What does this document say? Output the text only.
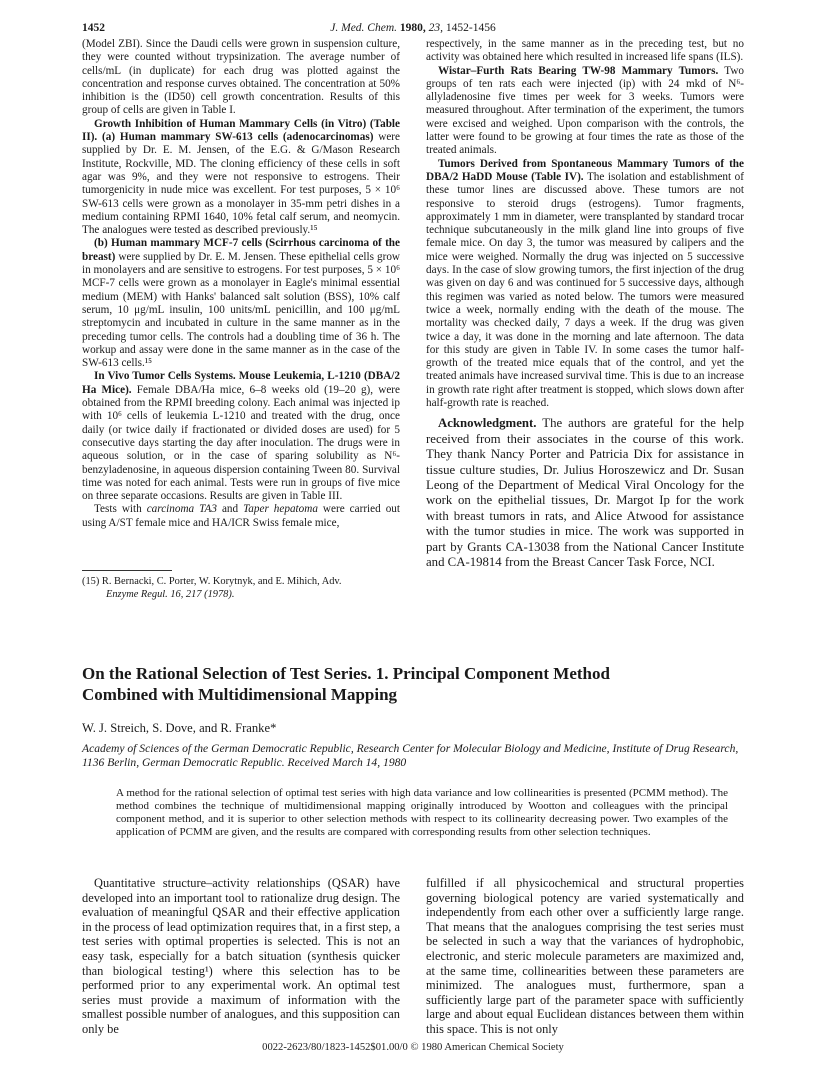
1452	J. Med. Chem. 1980, 23, 1452-1456

(Model ZBI). Since the Daudi cells were grown in suspension culture, they were counted without trypsinization. The average number of cells/mL (in duplicate) for each drug was plotted against the concentration and response curves obtained. The concentration at 50% inhibition is the (ID50) cell growth concentration. Results of this group of cells are given in Table I.

Growth Inhibition of Human Mammary Cells (in Vitro) (Table II). (a) Human mammary SW-613 cells (adenocarcinomas) were supplied by Dr. E. M. Jensen, of the E.G. & G/Mason Research Institute, Rockville, MD. The cloning efficiency of these cells in soft agar was 9%, and they were not responsive to estrogens. Their tumorgenicity in nude mice was excellent. For test purposes, 5 × 10⁶ SW-613 cells were grown as a monolayer in 35-mm petri dishes in a medium containing RPMI 1640, 10% fetal calf serum, and neomycin. The analogues were tested as described previously.¹⁵

(b) Human mammary MCF-7 cells (Scirrhous carcinoma of the breast) were supplied by Dr. E. M. Jensen. These epithelial cells grow in monolayers and are sensitive to estrogens. For test purposes, 5 × 10⁶ MCF-7 cells were grown as a monolayer in Eagle's minimal essential medium (MEM) with Hanks' balanced salt solution (BSS), 10% calf serum, 10 μg/mL insulin, 100 units/mL penicillin, and 100 μg/mL streptomycin and incubated in culture in the same manner as in the preceding tumor cells. The controls had a doubling time of 36 h. The workup and assay were done in the same manner as in the case of the SW-613 cells.¹⁵

In Vivo Tumor Cells Systems. Mouse Leukemia, L-1210 (DBA/2 Ha Mice). Female DBA/Ha mice, 6–8 weeks old (19–20 g), were obtained from the RPMI breeding colony. Each animal was injected ip with 10⁶ cells of leukemia L-1210 and treated with the drug, once daily (or twice daily if fractionated or divided doses are used) for 5 consecutive days starting the day after inoculation. The drugs were in aqueous solution, or in the case of sparing solubility as N⁶-benzyladenosine, in aqueous dispersion containing Tween 80. Survival time was noted for each animal. Tests were run in groups of five mice on three separate occasions. Results are given in Table III.

Tests with carcinoma TA3 and Taper hepatoma were carried out using A/ST female mice and HA/ICR Swiss female mice,

(15) R. Bernacki, C. Porter, W. Korytnyk, and E. Mihich, Adv.
Enzyme Regul. 16, 217 (1978).

respectively, in the same manner as in the preceding test, but no activity was obtained here which resulted in increased life spans (ILS).

Wistar–Furth Rats Bearing TW-98 Mammary Tumors. Two groups of ten rats each were injected (ip) with 24 mkd of N⁶-allyladenosine five times per week for 3 weeks. Tumors were measured throughout. After termination of the experiment, the tumors were excised and weighed. Upon comparison with the controls, the latter were found to be growing at four times the rate as those of the treated animals.

Tumors Derived from Spontaneous Mammary Tumors of the DBA/2 HaDD Mouse (Table IV). The isolation and establishment of these tumor lines are discussed above. These tumors are not responsive to steroid drugs (estrogens). Tumor fragments, approximately 1 mm in diameter, were transplanted by standard trocar technique subcutaneously in the milk gland line into groups of five female mice. On day 3, the tumor was measured by calipers and the mice were weighed. Normally the drug was injected on 5 successive days. In the case of slow growing tumors, the first injection of the drug was given on day 6 and was continued for 5 successive days, although this regimen was varied as noted below. The tumors were measured twice a week, normally ending with the death of the mouse. The mortality was checked daily, 7 days a week. If the drug was given twice a day, it was done in the morning and late afternoon. The data for this study are given in Table IV. In some cases the tumor half-growth of the treated mice equals that of the control, and yet the treated animals have increased survival time. This is due to an increase in growth rate right after treatment is stopped, which slows down after half-growth rate is reached.

Acknowledgment. The authors are grateful for the help received from their associates in the course of this work. They thank Nancy Porter and Patricia Dix for assistance in tissue culture studies, Dr. Julius Horoszewicz and Dr. Susan Leong of the Department of Medical Viral Oncology for the work on the epithelial tissues, Dr. Margot Ip for the work with breast tumors in rats, and Alice Atwood for assistance with the tumor studies in mice. The work was supported in part by Grants CA-13038 from the National Cancer Institute and CA-19814 from the Breast Cancer Task Force, NCI.

On the Rational Selection of Test Series. 1. Principal Component Method
Combined with Multidimensional Mapping
W. J. Streich, S. Dove, and R. Franke*
Academy of Sciences of the German Democratic Republic, Research Center for Molecular Biology and Medicine, Institute of Drug Research, 1136 Berlin, German Democratic Republic. Received March 14, 1980
A method for the rational selection of optimal test series with high data variance and low collinearities is presented (PCMM method). The method combines the technique of multidimensional mapping originally introduced by Wootton and colleagues with the principal component method, and it is superior to other selection methods with respect to its collinearity decreasing power. Two examples of the application of PCMM are given, and the results are compared with corresponding results from other selection techniques.

Quantitative structure–activity relationships (QSAR) have developed into an important tool to rationalize drug design. The evaluation of meaningful QSAR and their effective application in the process of lead optimization requires that, in a first step, a test series with optimal properties is selected. This is not an easy task, especially for a batch situation (synthesis quicker than biological testing¹) where this selection has to be performed prior to any experimental work. An optimal test series must provide a maximum of information with the smallest possible number of analogues, and this supposition can only be

fulfilled if all physicochemical and structural properties governing biological potency are varied systematically and independently from each other over a sufficiently large range. That means that the analogues comprising the test series must be selected in such a way that the variances of hydrophobic, electronic, and steric molecule parameters are maximized and, at the same time, collinearities between these parameters are minimized. The analogues must, furthermore, span a sufficiently large part of the parameter space with sufficiently large and about equal Euclidean distances between them within this space. This is not only

0022-2623/80/1823-1452$01.00/0 © 1980 American Chemical Society
